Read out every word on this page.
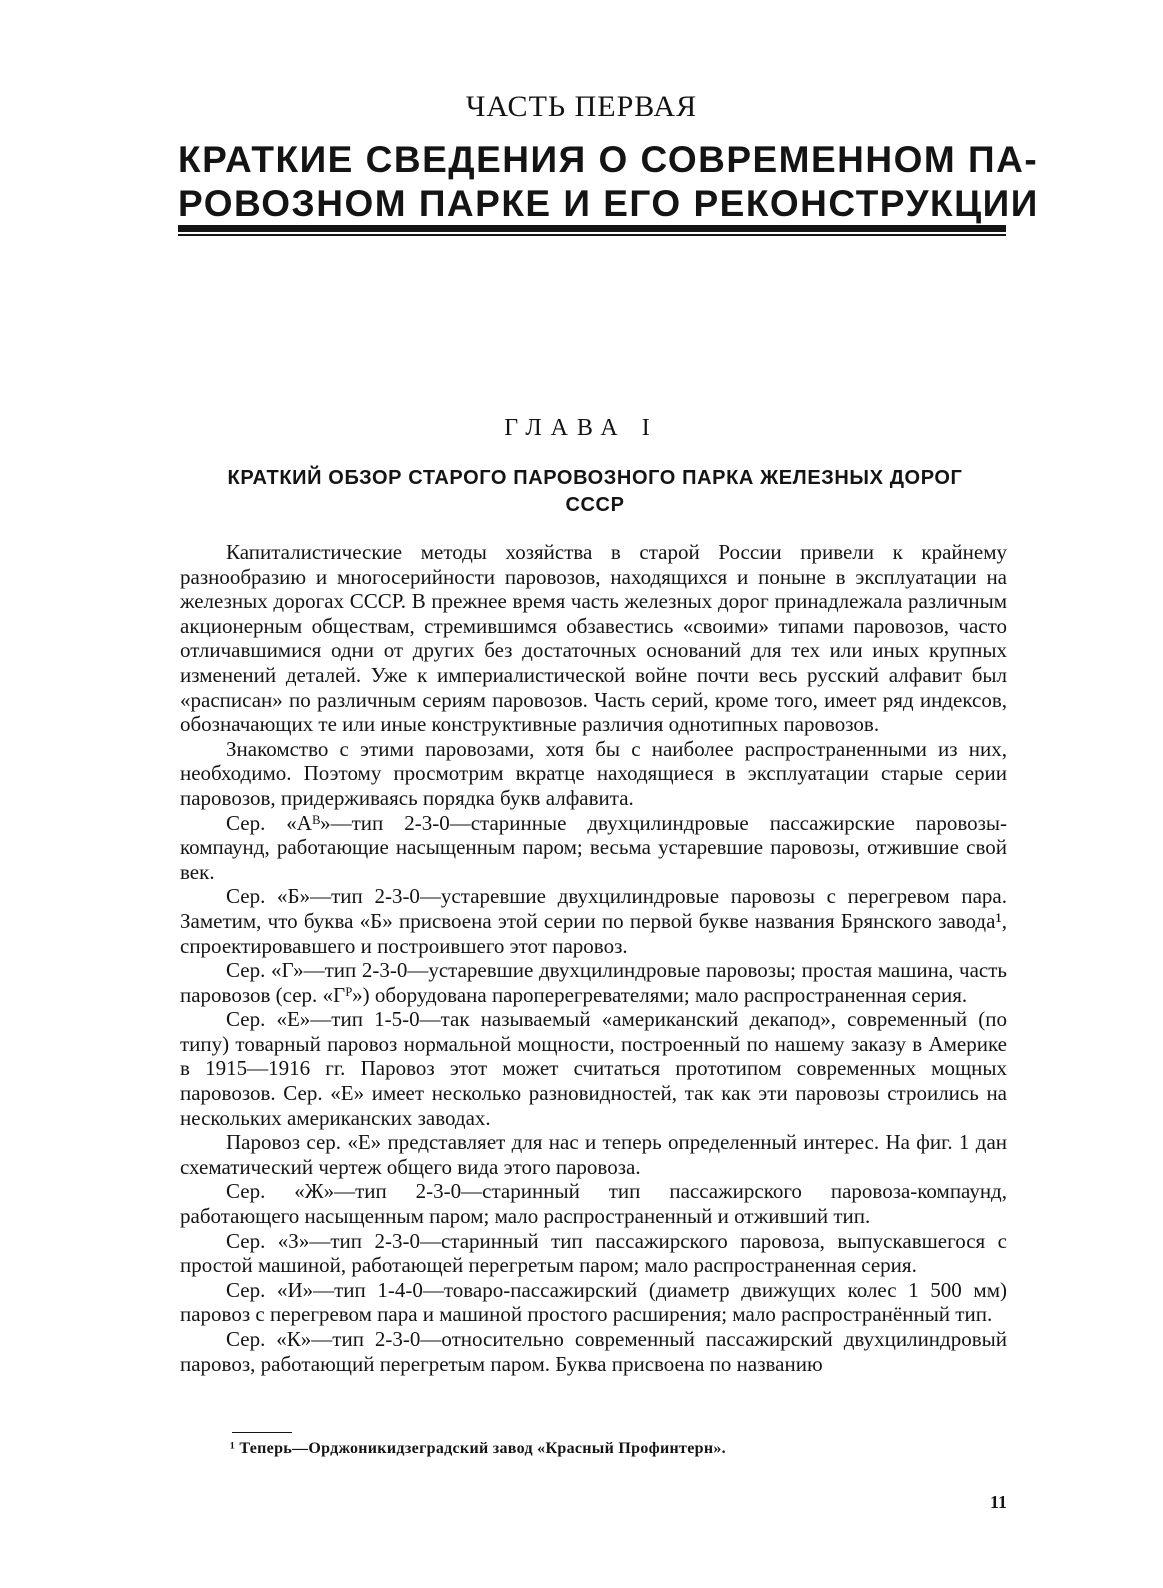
ЧАСТЬ ПЕРВАЯ
КРАТКИЕ СВЕДЕНИЯ О СОВРЕМЕННОМ ПА-
РОВОЗНОМ ПАРКЕ И ЕГО РЕКОНСТРУКЦИИ
ГЛАВА I
КРАТКИЙ ОБЗОР СТАРОГО ПАРОВОЗНОГО ПАРКА ЖЕЛЕЗНЫХ ДОРОГ СССР

Капиталистические методы хозяйства в старой России привели к крайнему разнообразию и многосерийности паровозов, находящихся и поныне в эксплуатации на железных дорогах СССР. В прежнее время часть железных дорог принадлежала различным акционерным обществам, стремившимся обзавестись «своими» типами паровозов, часто отличавшимися одни от других без достаточных оснований для тех или иных крупных изменений деталей. Уже к империалистической войне почти весь русский алфавит был «расписан» по различным сериям паровозов. Часть серий, кроме того, имеет ряд индексов, обозначающих те или иные конструктивные различия однотипных паровозов.

Знакомство с этими паровозами, хотя бы с наиболее распространенными из них, необходимо. Поэтому просмотрим вкратце находящиеся в эксплуатации старые серии паровозов, придерживаясь порядка букв алфавита.

Сер. «Aᴮ»—тип 2-3-0—старинные двухцилиндровые пассажирские паровозы-компаунд, работающие насыщенным паром; весьма устаревшие паровозы, отжившие свой век.

Сер. «Б»—тип 2-3-0—устаревшие двухцилиндровые паровозы с перегревом пара. Заметим, что буква «Б» присвоена этой серии по первой букве названия Брянского завода¹, спроектировавшего и построившего этот паровоз.

Сер. «Г»—тип 2-3-0—устаревшие двухцилиндровые паровозы; простая машина, часть паровозов (сер. «Гᴾ») оборудована пароперегревателями; мало распространенная серия.

Сер. «Е»—тип 1-5-0—так называемый «американский декапод», современный (по типу) товарный паровоз нормальной мощности, построенный по нашему заказу в Америке в 1915—1916 гг. Паровоз этот может считаться прототипом современных мощных паровозов. Сер. «Е» имеет несколько разновидностей, так как эти паровозы строились на нескольких американских заводах.

Паровоз сер. «Е» представляет для нас и теперь определенный интерес. На фиг. 1 дан схематический чертеж общего вида этого паровоза.

Сер. «Ж»—тип 2-3-0—старинный тип пассажирского паровоза-компаунд, работающего насыщенным паром; мало распространенный и отживший тип.

Сер. «З»—тип 2-3-0—старинный тип пассажирского паровоза, выпускавшегося с простой машиной, работающей перегретым паром; мало распространенная серия.

Сер. «И»—тип 1-4-0—товаро-пассажирский (диаметр движущих колес 1 500 мм) паровоз с перегревом пара и машиной простого расширения; мало распространённый тип.

Сер. «К»—тип 2-3-0—относительно современный пассажирский двухцилиндровый паровоз, работающий перегретым паром. Буква присвоена по названию

¹ Теперь—Орджоникидзеградский завод «Красный Профинтерн».
11
